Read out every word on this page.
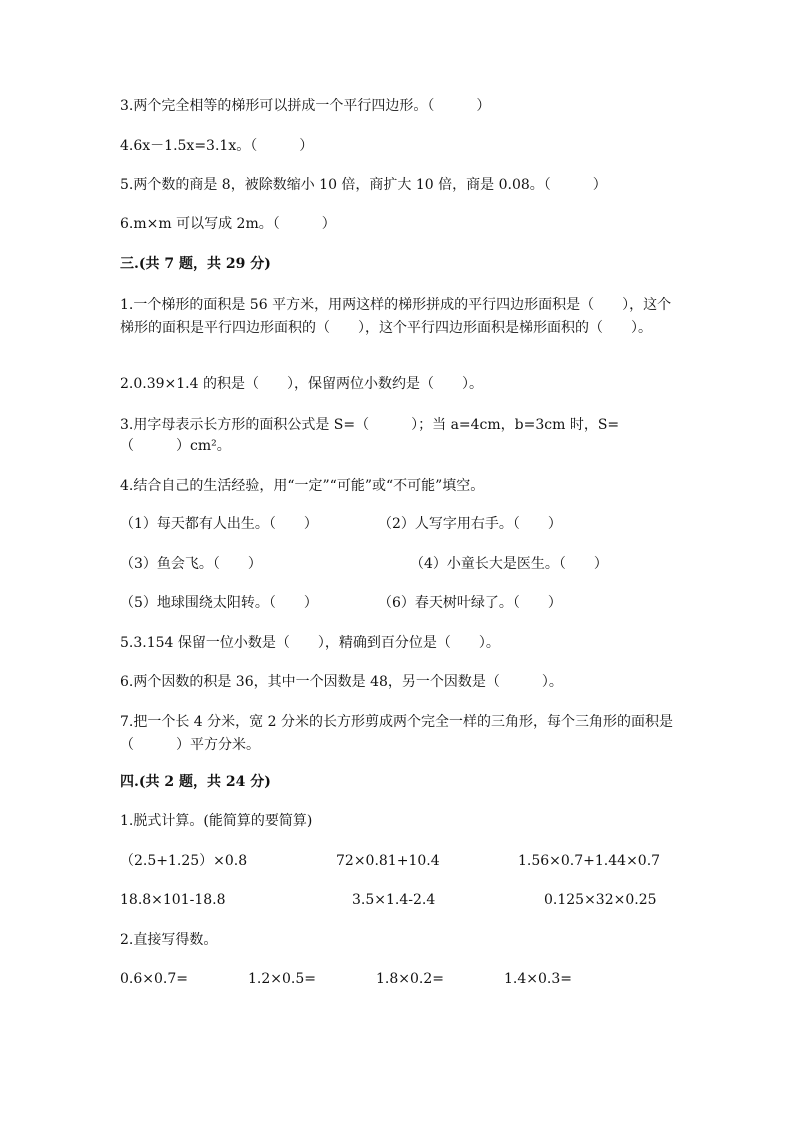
3.两个完全相等的梯形可以拼成一个平行四边形。（　　　）
4.6x－1.5x=3.1x。（　　　）
5.两个数的商是 8，被除数缩小 10 倍，商扩大 10 倍，商是 0.08。（　　　）
6.m×m 可以写成 2m。（　　　）
三.(共 7 题，共 29 分)
1.一个梯形的面积是 56 平方米，用两这样的梯形拼成的平行四边形面积是（　　），这个梯形的面积是平行四边形面积的（　　），这个平行四边形面积是梯形面积的（　　）。
2.0.39×1.4 的积是（　　），保留两位小数约是（　　）。
3.用字母表示长方形的面积公式是 S=（　　　）；当 a=4cm，b=3cm 时，S=
（　　　）cm²。
4.结合自己的生活经验，用“一定”“可能”或“不可能”填空。
（1）每天都有人出生。（　　）	（2）人写字用右手。（　　）
（3）鱼会飞。（　　）	（4）小童长大是医生。（　　）
（5）地球围绕太阳转。（　　）	（6）春天树叶绿了。（　　）
5.3.154 保留一位小数是（　　），精确到百分位是（　　）。
6.两个因数的积是 36，其中一个因数是 48，另一个因数是（　　　）。
7.把一个长 4 分米，宽 2 分米的长方形剪成两个完全一样的三角形，每个三角形的面积是（　　　）平方分米。
四.(共 2 题，共 24 分)
1.脱式计算。(能简算的要简算)
（2.5+1.25）×0.8	72×0.81+10.4	1.56×0.7+1.44×0.7
18.8×101-18.8	3.5×1.4-2.4	0.125×32×0.25
2.直接写得数。
0.6×0.7=	1.2×0.5=	1.8×0.2=	1.4×0.3=
